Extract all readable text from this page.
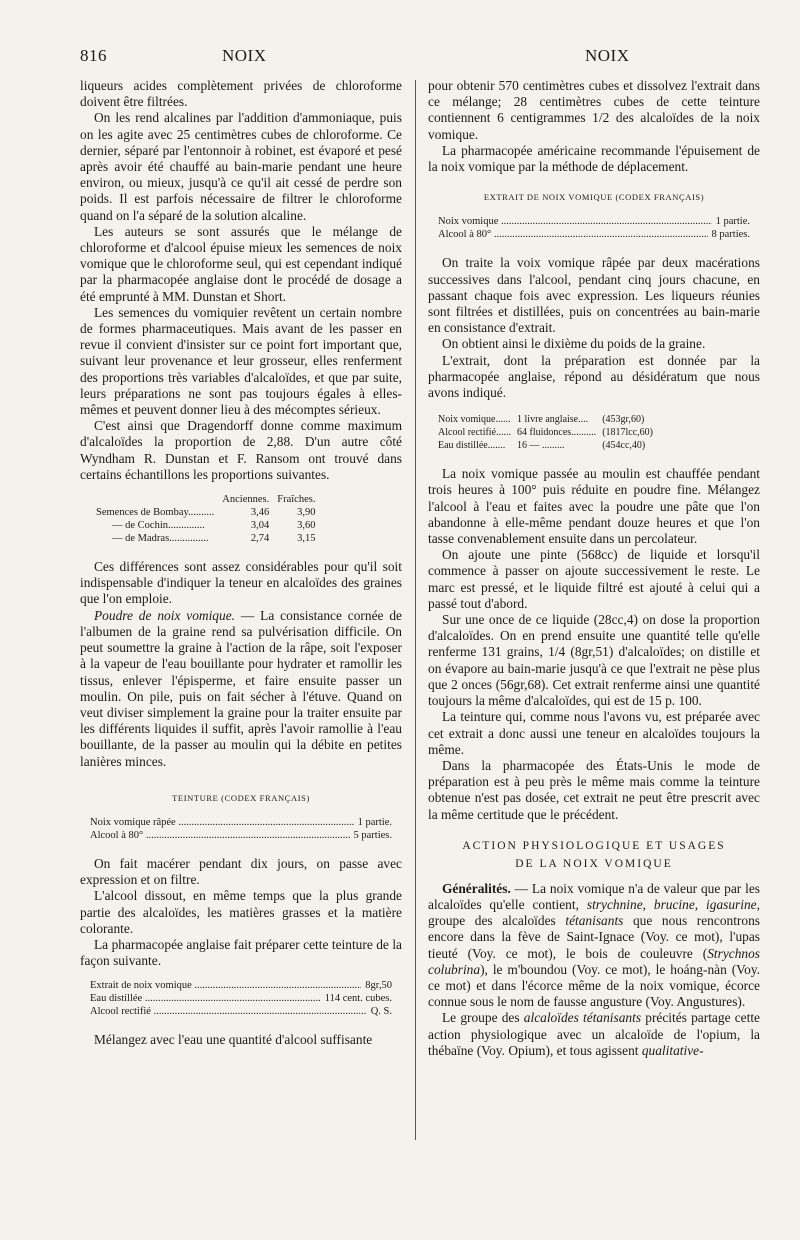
816	NOIX	NOIX

liqueurs acides complètement privées de chloroforme doivent être filtrées.

On les rend alcalines par l'addition d'ammoniaque, puis on les agite avec 25 centimètres cubes de chloroforme. Ce dernier, séparé par l'entonnoir à robinet, est évaporé et pesé après avoir été chauffé au bain-marie pendant une heure environ, ou mieux, jusqu'à ce qu'il ait cessé de perdre son poids. Il est parfois nécessaire de filtrer le chloroforme quand on l'a séparé de la solution alcaline.

Les auteurs se sont assurés que le mélange de chloroforme et d'alcool épuise mieux les semences de noix vomique que le chloroforme seul, qui est cependant indiqué par la pharmacopée anglaise dont le procédé de dosage a été emprunté à MM. Dunstan et Short.

Les semences du vomiquier revêtent un certain nombre de formes pharmaceutiques. Mais avant de les passer en revue il convient d'insister sur ce point fort important que, suivant leur provenance et leur grosseur, elles renferment des proportions très variables d'alcaloïdes, et que par suite, leurs préparations ne sont pas toujours égales à elles-mêmes et peuvent donner lieu à des mécomptes sérieux.

C'est ainsi que Dragendorff donne comme maximum d'alcaloïdes la proportion de 2,88. D'un autre côté Wyndham R. Dunstan et F. Ransom ont trouvé dans certains échantillons les proportions suivantes.

	Anciennes.	Fraîches.
Semences de Bombay..........	3,46	3,90
— de Cochin..............	3,04	3,60
— de Madras...............	2,74	3,15

Ces différences sont assez considérables pour qu'il soit indispensable d'indiquer la teneur en alcaloïdes des graines que l'on emploie.

Poudre de noix vomique. — La consistance cornée de l'albumen de la graine rend sa pulvérisation difficile. On peut soumettre la graine à l'action de la râpe, soit l'exposer à la vapeur de l'eau bouillante pour hydrater et ramollir les tissus, enlever l'épisperme, et faire ensuite passer un moulin. On pile, puis on fait sécher à l'étuve. Quand on veut diviser simplement la graine pour la traiter ensuite par les différents liquides il suffit, après l'avoir ramollie à l'eau bouillante, de la passer au moulin qui la débite en petites lanières minces.

TEINTURE (CODEX FRANÇAIS)
Noix vomique râpée .....	1 partie.
Alcool à 80° .....	5 parties.

On fait macérer pendant dix jours, on passe avec expression et on filtre.

L'alcool dissout, en même temps que la plus grande partie des alcaloïdes, les matières grasses et la matière colorante.

La pharmacopée anglaise fait préparer cette teinture de la façon suivante.

Extrait de noix vomique .....	8gr,50
Eau distillée .....	114 cent. cubes.
Alcool rectifié .....	Q. S.

Mélangez avec l'eau une quantité d'alcool suffisante

pour obtenir 570 centimètres cubes et dissolvez l'extrait dans ce mélange; 28 centimètres cubes de cette teinture contiennent 6 centigrammes 1/2 des alcaloïdes de la noix vomique.

La pharmacopée américaine recommande l'épuisement de la noix vomique par la méthode de déplacement.

EXTRAIT DE NOIX VOMIQUE (CODEX FRANÇAIS)
Noix vomique .....	1 partie.
Alcool à 80° .....	8 parties.

On traite la voix vomique râpée par deux macérations successives dans l'alcool, pendant cinq jours chacune, en passant chaque fois avec expression. Les liqueurs réunies sont filtrées et distillées, puis on concentrées au bain-marie en consistance d'extrait.

On obtient ainsi le dixième du poids de la graine.

L'extrait, dont la préparation est donnée par la pharmacopée anglaise, répond au désidératum que nous avons indiqué.

Noix vomique......	1 livre anglaise....	(453gr,60)
Alcool rectifié......	64 fluidonces..........	(1817lcc,60)
Eau distillée.......	16 — .........	(454cc,40)

La noix vomique passée au moulin est chauffée pendant trois heures à 100° puis réduite en poudre fine. Mélangez l'alcool à l'eau et faites avec la poudre une pâte que l'on abandonne à elle-même pendant douze heures et que l'on tasse convenablement ensuite dans un percolateur.

On ajoute une pinte (568cc) de liquide et lorsqu'il commence à passer on ajoute successivement le reste. Le marc est pressé, et le liquide filtré est ajouté à celui qui a passé tout d'abord.

Sur une once de ce liquide (28cc,4) on dose la proportion d'alcaloïdes. On en prend ensuite une quantité telle qu'elle renferme 131 grains, 1/4 (8gr,51) d'alcaloïdes; on distille et on évapore au bain-marie jusqu'à ce que l'extrait ne pèse plus que 2 onces (56gr,68). Cet extrait renferme ainsi une quantité toujours la même d'alcaloïdes, qui est de 15 p. 100.

La teinture qui, comme nous l'avons vu, est préparée avec cet extrait a donc aussi une teneur en alcaloïdes toujours la même.

Dans la pharmacopée des États-Unis le mode de préparation est à peu près le même mais comme la teinture obtenue n'est pas dosée, cet extrait ne peut être prescrit avec la même certitude que le précédent.

ACTION PHYSIOLOGIQUE ET USAGES
DE LA NOIX VOMIQUE

Généralités. — La noix vomique n'a de valeur que par les alcaloïdes qu'elle contient, strychnine, brucine, igasurine, groupe des alcaloïdes tétanisants que nous rencontrons encore dans la fève de Saint-Ignace (Voy. ce mot), l'upas tieuté (Voy. ce mot), le bois de couleuvre (Strychnos colubrina), le m'boundou (Voy. ce mot), le hoáng-nàn (Voy. ce mot) et dans l'écorce même de la noix vomique, écorce connue sous le nom de fausse angusture (Voy. Angustures).

Le groupe des alcaloïdes tétanisants précités partage cette action physiologique avec un alcaloïde de l'opium, la thébaïne (Voy. Opium), et tous agissent qualitative-
